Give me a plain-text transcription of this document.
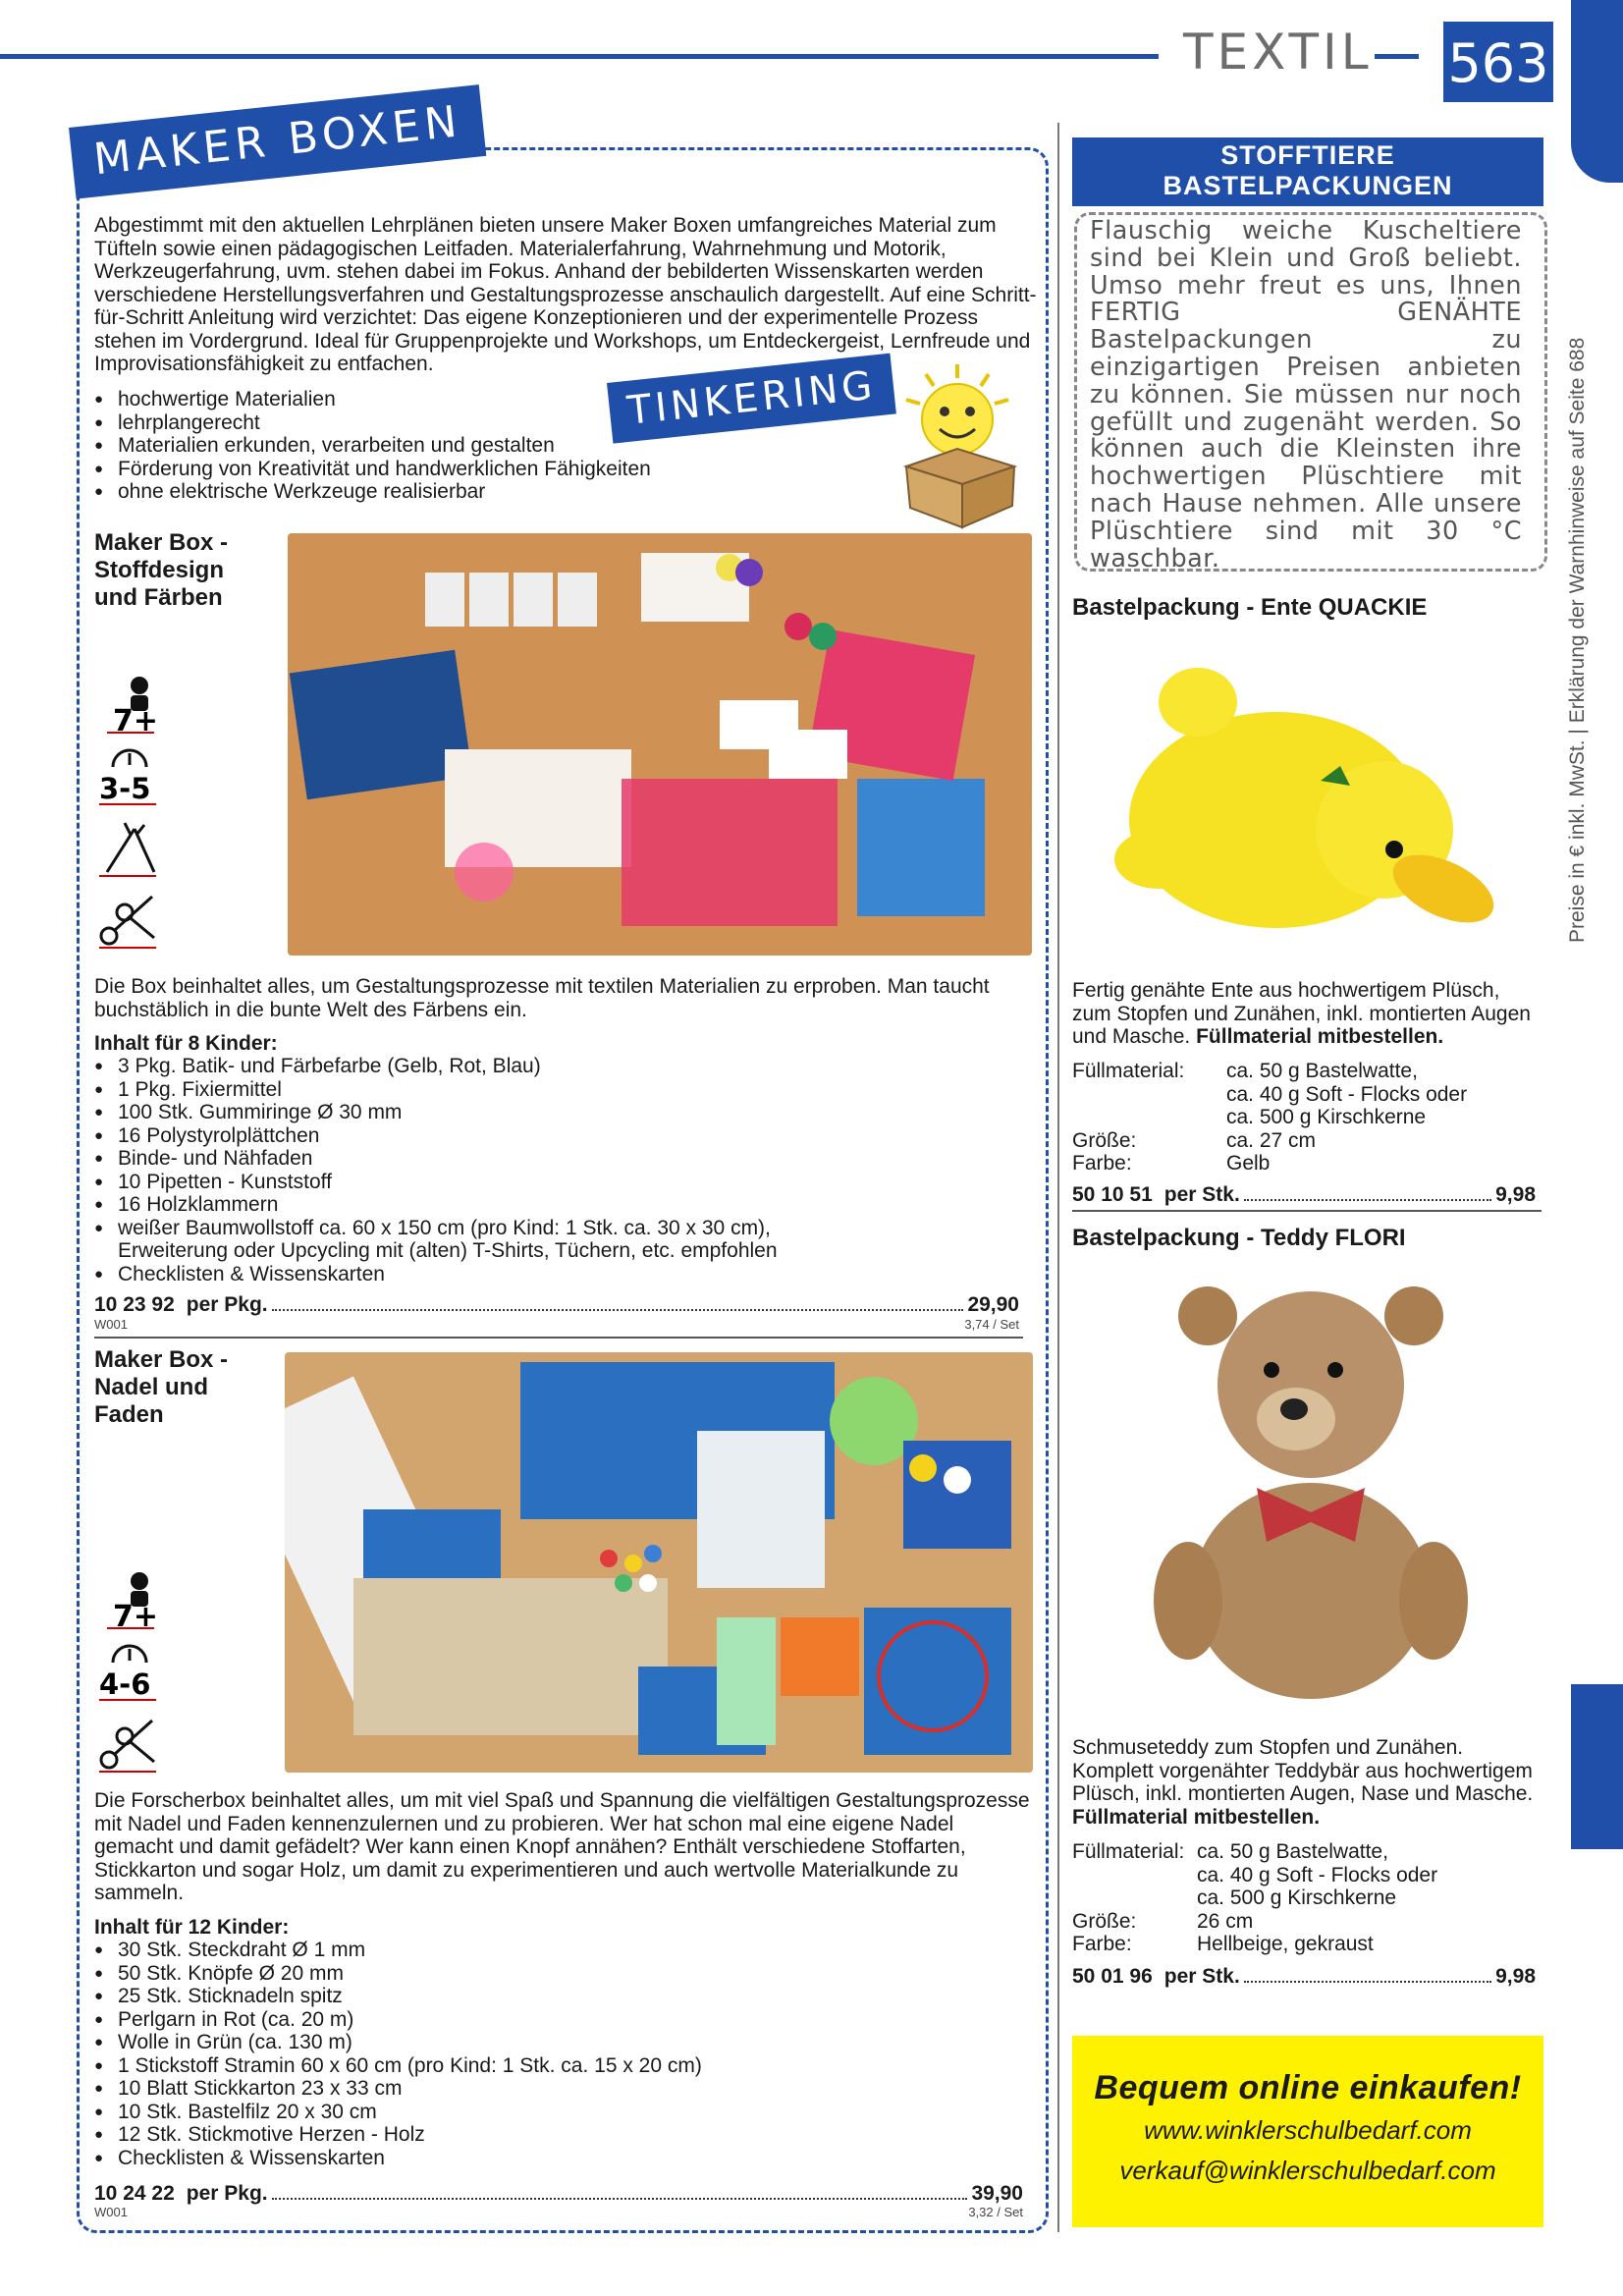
TEXTIL 563
Preise in € inkl. MwSt. | Erklärung der Warnhinweise auf Seite 688
MAKER BOXEN
Abgestimmt mit den aktuellen Lehrplänen bieten unsere Maker Boxen umfangreiches Material zum Tüfteln sowie einen pädagogischen Leitfaden. Materialerfahrung, Wahrnehmung und Motorik, Werkzeugerfahrung, uvm. stehen dabei im Fokus. Anhand der bebilderten Wissenskarten werden verschiedene Herstellungsverfahren und Gestaltungsprozesse anschaulich dargestellt. Auf eine Schritt-für-Schritt Anleitung wird verzichtet: Das eigene Konzeptionieren und der experimentelle Prozess stehen im Vordergrund. Ideal für Gruppenprojekte und Workshops, um Entdeckergeist, Lernfreude und Improvisationsfähigkeit zu entfachen.
● hochwertige Materialien
● lehrplangerecht
● Materialien erkunden, verarbeiten und gestalten
● Förderung von Kreativität und handwerklichen Fähigkeiten
● ohne elektrische Werkzeuge realisierbar
TINKERING
Maker Box - Stoffdesign und Färben
7+

3-5

Die Box beinhaltet alles, um Gestaltungsprozesse mit textilen Materialien zu erproben. Man taucht buchstäblich in die bunte Welt des Färbens ein.
Inhalt für 8 Kinder:
● 3 Pkg. Batik- und Färbefarbe (Gelb, Rot, Blau)
● 1 Pkg. Fixiermittel
● 100 Stk. Gummiringe Ø 30 mm
● 16 Polystyrolplättchen
● Binde- und Nähfaden
● 10 Pipetten - Kunststoff
● 16 Holzklammern
● weißer Baumwollstoff ca. 60 x 150 cm (pro Kind: 1 Stk. ca. 30 x 30 cm), Erweiterung oder Upcycling mit (alten) T-Shirts, Tüchern, etc. empfohlen
● Checklisten & Wissenskarten
10 23 92 per Pkg.	29,90
W001	3,74 / Set
Maker Box - Nadel und Faden
7+

4-6

Die Forscherbox beinhaltet alles, um mit viel Spaß und Spannung die vielfältigen Gestaltungsprozesse mit Nadel und Faden kennenzulernen und zu probieren. Wer hat schon mal eine eigene Nadel gemacht und damit gefädelt? Wer kann einen Knopf annähen? Enthält verschiedene Stoffarten, Stickkarton und sogar Holz, um damit zu experimentieren und auch wertvolle Materialkunde zu sammeln.
Inhalt für 12 Kinder:
● 30 Stk. Steckdraht Ø 1 mm
● 50 Stk. Knöpfe Ø 20 mm
● 25 Stk. Sticknadeln spitz
● Perlgarn in Rot (ca. 20 m)
● Wolle in Grün (ca. 130 m)
● 1 Stickstoff Stramin 60 x 60 cm (pro Kind: 1 Stk. ca. 15 x 20 cm)
● 10 Blatt Stickkarton 23 x 33 cm
● 10 Stk. Bastelfilz 20 x 30 cm
● 12 Stk. Stickmotive Herzen - Holz
● Checklisten & Wissenskarten
10 24 22 per Pkg.	39,90
W001	3,32 / Set
STOFFTIERE
BASTELPACKUNGEN
Flauschig weiche Kuscheltiere sind bei Klein und Groß beliebt. Umso mehr freut es uns, Ihnen FERTIG GENÄHTE Bastelpackungen zu einzigartigen Preisen anbieten zu können. Sie müssen nur noch gefüllt und zugenäht werden. So können auch die Kleinsten ihre hochwertigen Plüschtiere mit nach Hause nehmen. Alle unsere Plüschtiere sind mit 30 °C waschbar.
Bastelpackung - Ente QUACKIE
Fertig genähte Ente aus hochwertigem Plüsch, zum Stopfen und Zunähen, inkl. montierten Augen und Masche. Füllmaterial mitbestellen.
Füllmaterial:	ca. 50 g Bastelwatte,
ca. 40 g Soft - Flocks oder
ca. 500 g Kirschkerne
Größe:	ca. 27 cm
Farbe:	Gelb
50 10 51 per Stk.	9,98
Bastelpackung - Teddy FLORI
Schmuseteddy zum Stopfen und Zunähen. Komplett vorgenähter Teddybär aus hochwertigem Plüsch, inkl. montierten Augen, Nase und Masche. Füllmaterial mitbestellen.
Füllmaterial: ca. 50 g Bastelwatte,
ca. 40 g Soft - Flocks oder
ca. 500 g Kirschkerne
Größe:	26 cm
Farbe:	Hellbeige, gekraust
50 01 96 per Stk.	9,98
Bequem online einkaufen!
www.winklerschulbedarf.com
verkauf@winklerschulbedarf.com
